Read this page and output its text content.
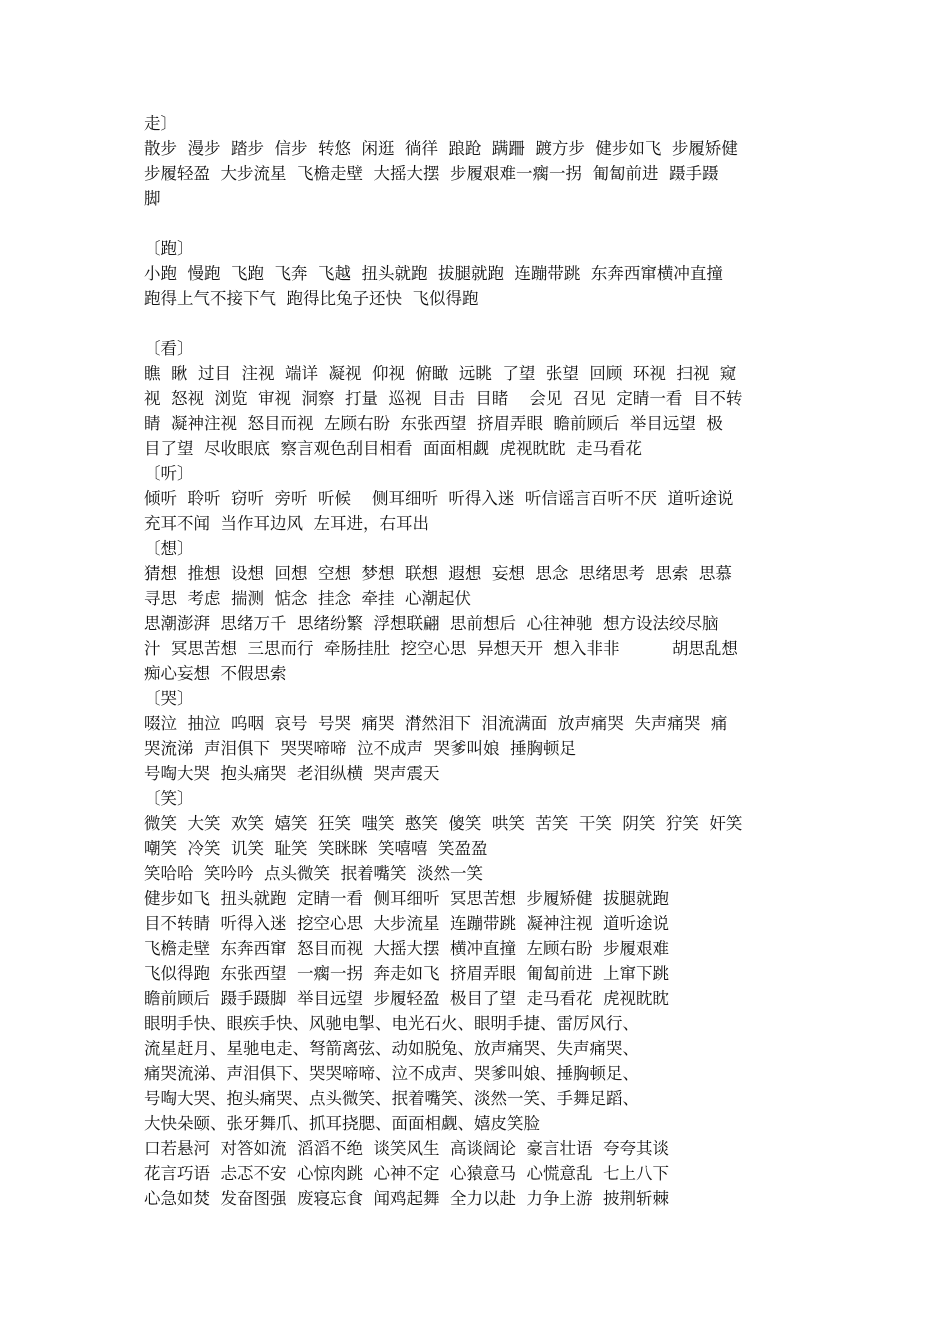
走〕
散步  漫步  踏步  信步  转悠  闲逛  徜徉  踉跄  蹒跚  踱方步  健步如飞  步履矫健
步履轻盈  大步流星  飞檐走壁  大摇大摆  步履艰难一瘸一拐  匍匐前进  蹑手蹑
脚
〔跑〕
小跑  慢跑  飞跑  飞奔  飞越  扭头就跑  拔腿就跑  连蹦带跳  东奔西窜横冲直撞
跑得上气不接下气  跑得比兔子还快  飞似得跑
〔看〕
瞧  瞅  过目  注视  端详  凝视  仰视  俯瞰  远眺  了望  张望  回顾  环视  扫视  窥
视  怒视  浏览  审视  洞察  打量  巡视  目击  目睹    会见  召见  定睛一看  目不转
睛  凝神注视  怒目而视  左顾右盼  东张西望  挤眉弄眼  瞻前顾后  举目远望  极
目了望  尽收眼底  察言观色刮目相看  面面相觑  虎视眈眈  走马看花
〔听〕
倾听  聆听  窃听  旁听  听候    侧耳细听  听得入迷  听信谣言百听不厌  道听途说
充耳不闻  当作耳边风  左耳进，右耳出
〔想〕
猜想  推想  设想  回想  空想  梦想  联想  遐想  妄想  思念  思绪思考  思索  思慕
寻思  考虑  揣测  惦念  挂念  牵挂  心潮起伏
思潮澎湃  思绪万千  思绪纷繁  浮想联翩  思前想后  心往神驰  想方设法绞尽脑
汁  冥思苦想  三思而行  牵肠挂肚  挖空心思  异想天开  想入非非          胡思乱想
痴心妄想  不假思索
〔哭〕
啜泣  抽泣  呜咽  哀号  号哭  痛哭  潸然泪下  泪流满面  放声痛哭  失声痛哭  痛
哭流涕  声泪俱下  哭哭啼啼  泣不成声  哭爹叫娘  捶胸顿足
号啕大哭  抱头痛哭  老泪纵横  哭声震天
〔笑〕
微笑  大笑  欢笑  嬉笑  狂笑  嗤笑  憨笑  傻笑  哄笑  苦笑  干笑  阴笑  狞笑  奸笑
嘲笑  冷笑  讥笑  耻笑  笑眯眯  笑嘻嘻  笑盈盈
笑哈哈  笑吟吟  点头微笑  抿着嘴笑  淡然一笑
健步如飞  扭头就跑  定睛一看  侧耳细听  冥思苦想  步履矫健  拔腿就跑
目不转睛  听得入迷  挖空心思  大步流星  连蹦带跳  凝神注视  道听途说
飞檐走壁  东奔西窜  怒目而视  大摇大摆  横冲直撞  左顾右盼  步履艰难
飞似得跑  东张西望  一瘸一拐  奔走如飞  挤眉弄眼  匍匐前进  上窜下跳
瞻前顾后  蹑手蹑脚  举目远望  步履轻盈  极目了望  走马看花  虎视眈眈
眼明手快、眼疾手快、风驰电掣、电光石火、眼明手捷、雷厉风行、
流星赶月、星驰电走、弩箭离弦、动如脱兔、放声痛哭、失声痛哭、
痛哭流涕、声泪俱下、哭哭啼啼、泣不成声、哭爹叫娘、捶胸顿足、
号啕大哭、抱头痛哭、点头微笑、抿着嘴笑、淡然一笑、手舞足蹈、
大快朵颐、张牙舞爪、抓耳挠腮、面面相觑、嬉皮笑脸
口若悬河  对答如流  滔滔不绝  谈笑风生  高谈阔论  豪言壮语  夸夸其谈
花言巧语  忐忑不安  心惊肉跳  心神不定  心猿意马  心慌意乱  七上八下
心急如焚  发奋图强  废寝忘食  闻鸡起舞  全力以赴  力争上游  披荆斩棘
